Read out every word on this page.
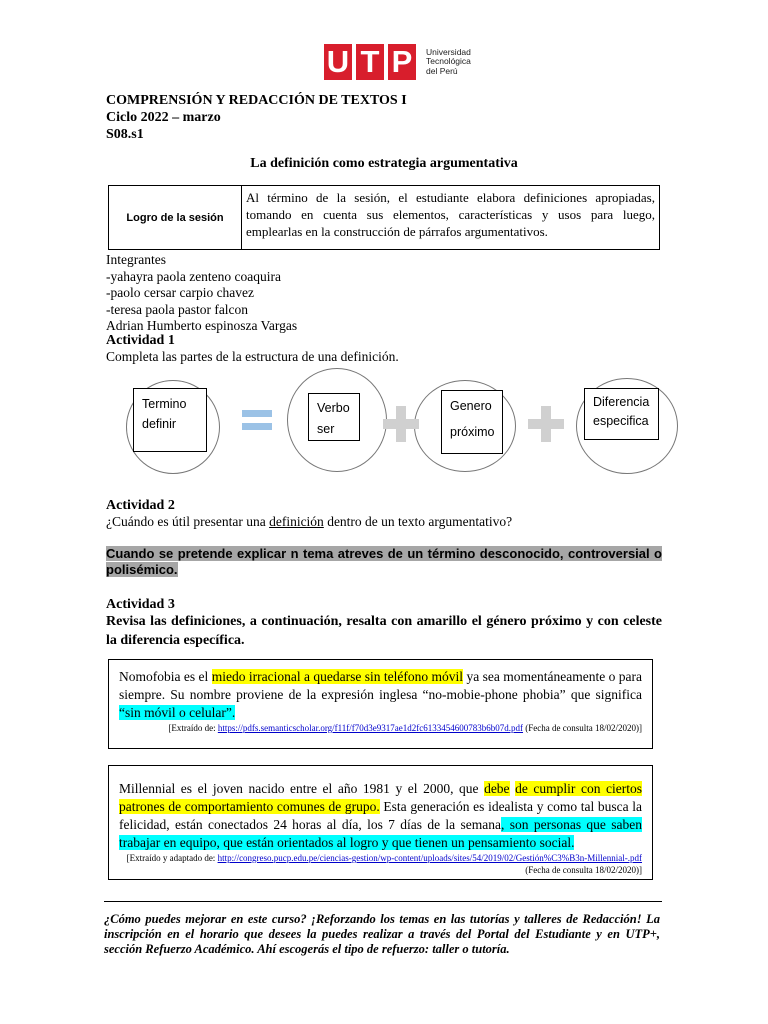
U T P	Universidad
Tecnológica
del Perú
COMPRENSIÓN Y REDACCIÓN DE TEXTOS I
Ciclo 2022 – marzo
S08.s1
La definición como estrategia argumentativa
Logro de la sesión	Al término de la sesión, el estudiante elabora definiciones apropiadas, tomando en cuenta sus elementos, características y usos para luego, emplearlas en la construcción de párrafos argumentativos.
Integrantes
-yahayra paola zenteno coaquira
-paolo cersar carpio chavez
-teresa paola pastor falcon
Adrian Humberto espinosza Vargas
Actividad 1
Completa las partes de la estructura de una definición.
Termino
definir
Verbo
ser
Genero
próximo
Diferencia
especifica
Actividad 2
¿Cuándo es útil presentar una definición dentro de un texto argumentativo?
Cuando se pretende explicar n tema atreves de un término desconocido, controversial o polisémico.
Actividad 3
Revisa las definiciones, a continuación, resalta con amarillo el género próximo y con celeste la diferencia específica.
Nomofobia es el miedo irracional a quedarse sin teléfono móvil ya sea momentáneamente o para siempre. Su nombre proviene de la expresión inglesa “no-mobie-phone phobia” que significa “sin móvil o celular”.
[Extraído de: https://pdfs.semanticscholar.org/f11f/f70d3e9317ae1d2fc6133454600783b6b07d.pdf (Fecha de consulta 18/02/2020)]
Millennial es el joven nacido entre el año 1981 y el 2000, que debe de cumplir con ciertos patrones de comportamiento comunes de grupo. Esta generación es idealista y como tal busca la felicidad, están conectados 24 horas al día, los 7 días de la semana, son personas que saben trabajar en equipo, que están orientados al logro y que tienen un pensamiento social.
[Extraído y adaptado de: http://congreso.pucp.edu.pe/ciencias-gestion/wp-content/uploads/sites/54/2019/02/Gestión%C3%B3n-Millennial-.pdf (Fecha de consulta 18/02/2020)]
¿Cómo puedes mejorar en este curso? ¡Reforzando los temas en las tutorías y talleres de Redacción! La inscripción en el horario que desees la puedes realizar a través del Portal del Estudiante y en UTP+, sección Refuerzo Académico. Ahí escogerás el tipo de refuerzo: taller o tutoría.
